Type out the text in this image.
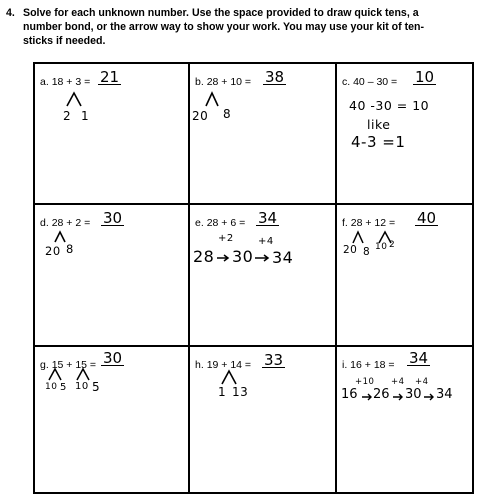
4. Solve for each unknown number. Use the space provided to draw quick tens, a
number bond, or the arrow way to show your work. You may use your kit of ten-
sticks if needed.
a. 18 + 3 = 21
2 1
b. 28 + 10 = 38
20 8
c. 40 – 30 = 10
40 -30 = 10
like
4-3 =1
d. 28 + 2 = 30
20 8
e. 28 + 6 = 34
+2 +4
28 30 34
f. 28 + 12 = 40
20 8 10 2
g. 15 + 15 = 30
10 5 10 5
h. 19 + 14 = 33
1 13
i. 16 + 18 = 34
+10 +4 +4
16 26 30 34
